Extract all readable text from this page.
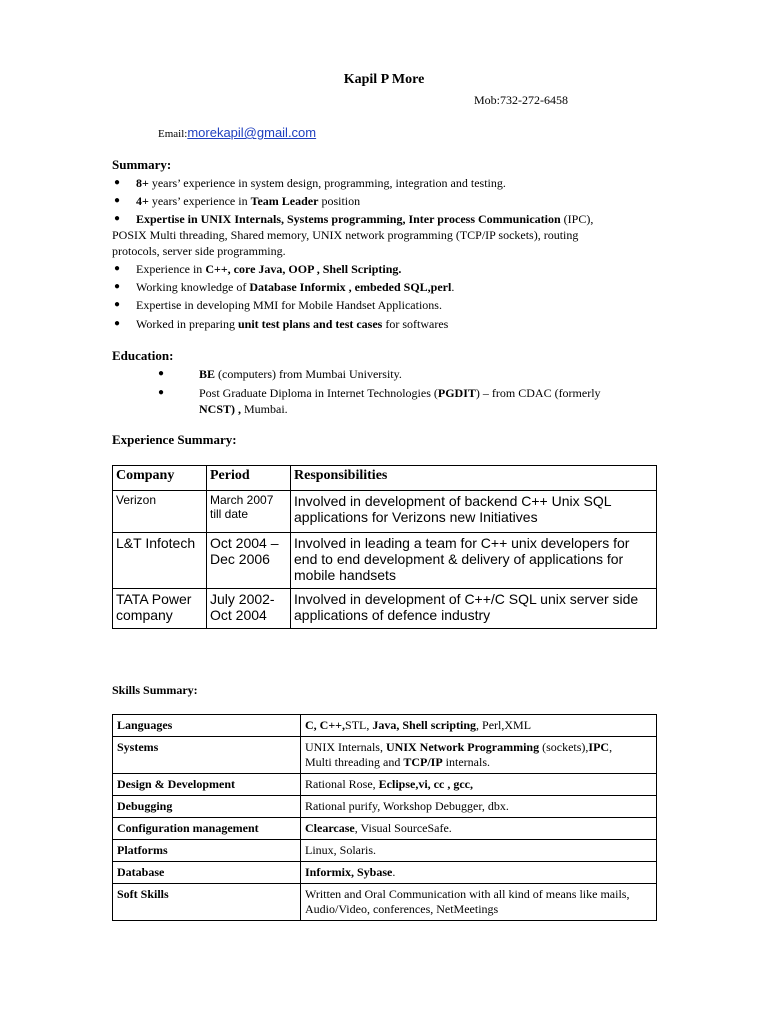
Kapil P More
Mob:732-272-6458
Email:morekapil@gmail.com
Summary:
●	8+ years’ experience in system design, programming, integration and testing.
●	4+ years’ experience in Team Leader position
●	Expertise in UNIX Internals, Systems programming, Inter process Communication (IPC),
POSIX Multi threading, Shared memory, UNIX network programming (TCP/IP sockets), routing
protocols, server side programming.
●	Experience in C++, core Java, OOP , Shell Scripting.
●	Working knowledge of Database Informix , embeded SQL,perl.
●	Expertise in developing MMI for Mobile Handset Applications.
●	Worked in preparing unit test plans and test cases for softwares
Education:
●	BE (computers) from Mumbai University.
●	Post Graduate Diploma in Internet Technologies (PGDIT) – from CDAC (formerly
NCST) , Mumbai.
Experience Summary:
Company	Period	Responsibilities
Verizon	March 2007 till date	Involved in development of backend C++ Unix SQL applications for Verizons new Initiatives
L&T Infotech	Oct 2004 – Dec 2006	Involved in leading a team for C++ unix developers for end to end development & delivery of applications for mobile handsets
TATA Power company	July 2002- Oct 2004	Involved in development of C++/C SQL unix server side applications of defence industry
Skills Summary:
Languages	C, C++,STL, Java, Shell scripting, Perl,XML
Systems	UNIX Internals, UNIX Network Programming (sockets),IPC,
Multi threading and TCP/IP internals.
Design & Development	Rational Rose, Eclipse,vi, cc , gcc,
Debugging	Rational purify, Workshop Debugger, dbx.
Configuration management	Clearcase, Visual SourceSafe.
Platforms	Linux, Solaris.
Database	Informix, Sybase.
Soft Skills	Written and Oral Communication with all kind of means like mails, Audio/Video, conferences, NetMeetings
